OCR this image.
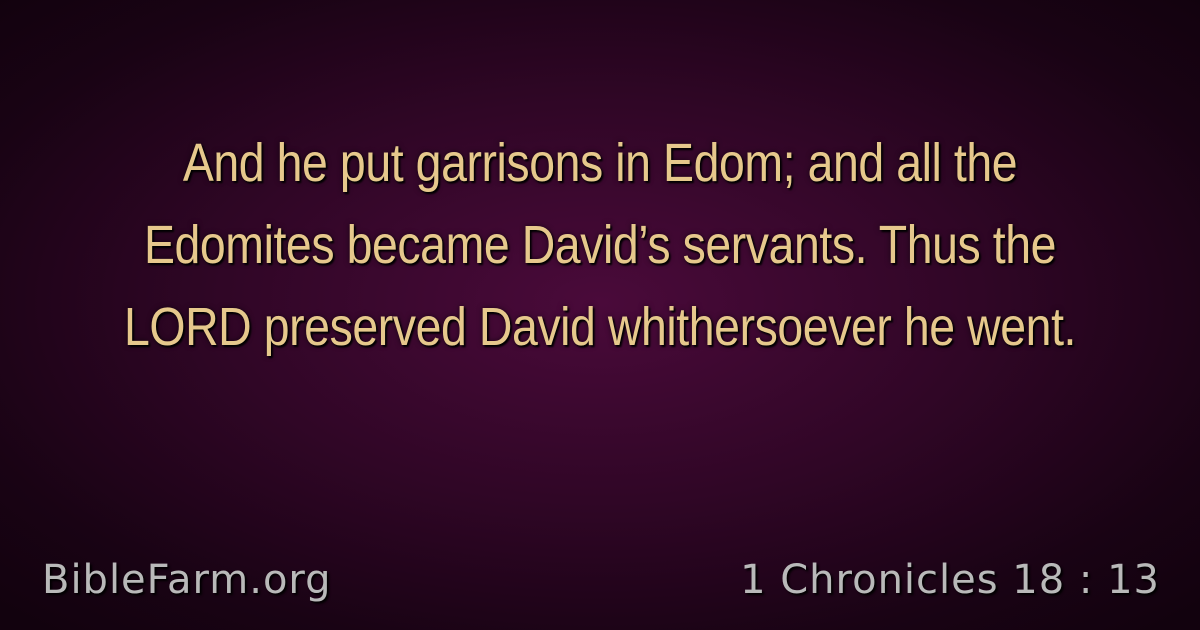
And he put garrisons in Edom; and all the Edomites became David’s servants. Thus the LORD preserved David whithersoever he went.
BibleFarm.org	1 Chronicles 18 : 13
